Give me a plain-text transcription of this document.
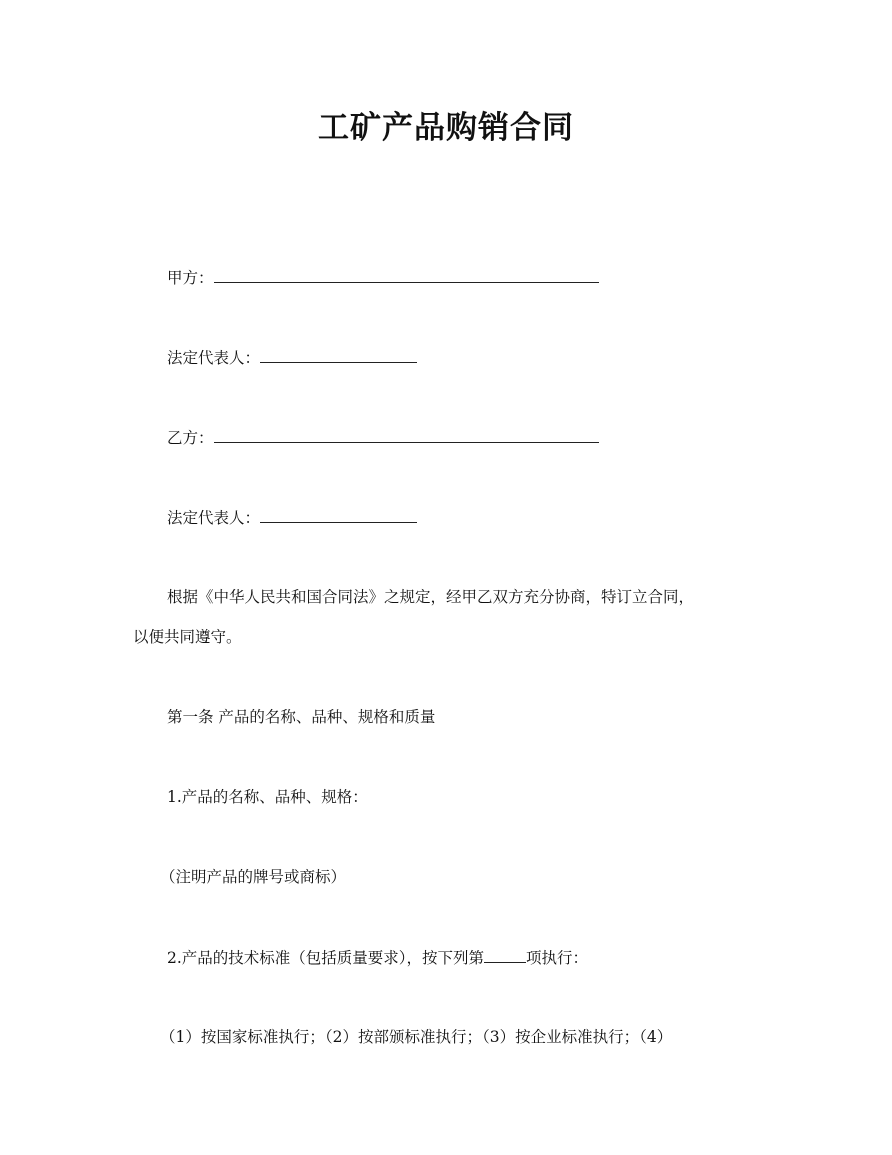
工矿产品购销合同
甲方：
法定代表人：
乙方：
法定代表人：
根据《中华人民共和国合同法》之规定，经甲乙双方充分协商，特订立合同，
以便共同遵守。
第一条 产品的名称、品种、规格和质量
1.产品的名称、品种、规格：
（注明产品的牌号或商标）
2.产品的技术标准（包括质量要求），按下列第	项执行：
（1）按国家标准执行；（2）按部颁标准执行；（3）按企业标准执行；（4）
